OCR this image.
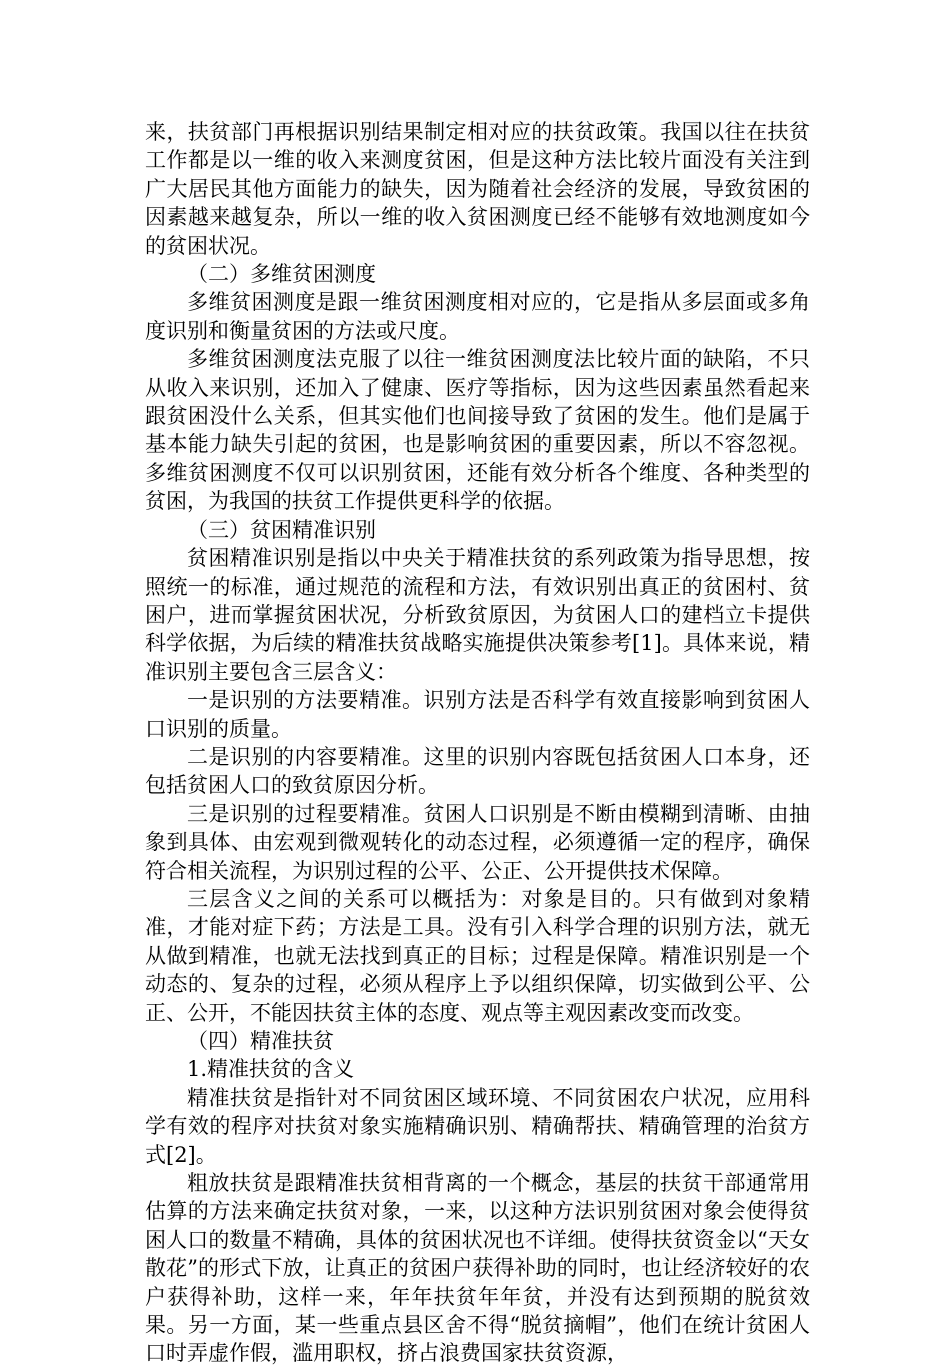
来，扶贫部门再根据识别结果制定相对应的扶贫政策。我国以往在扶贫工作都是以一维的收入来测度贫困，但是这种方法比较片面没有关注到广大居民其他方面能力的缺失，因为随着社会经济的发展，导致贫困的因素越来越复杂，所以一维的收入贫困测度已经不能够有效地测度如今的贫困状况。

（二）多维贫困测度

多维贫困测度是跟一维贫困测度相对应的，它是指从多层面或多角度识别和衡量贫困的方法或尺度。

多维贫困测度法克服了以往一维贫困测度法比较片面的缺陷，不只从收入来识别，还加入了健康、医疗等指标，因为这些因素虽然看起来跟贫困没什么关系，但其实他们也间接导致了贫困的发生。他们是属于基本能力缺失引起的贫困，也是影响贫困的重要因素，所以不容忽视。多维贫困测度不仅可以识别贫困，还能有效分析各个维度、各种类型的贫困，为我国的扶贫工作提供更科学的依据。

（三）贫困精准识别

贫困精准识别是指以中央关于精准扶贫的系列政策为指导思想，按照统一的标准，通过规范的流程和方法，有效识别出真正的贫困村、贫困户，进而掌握贫困状况，分析致贫原因，为贫困人口的建档立卡提供科学依据，为后续的精准扶贫战略实施提供决策参考[1]。具体来说，精准识别主要包含三层含义：

一是识别的方法要精准。识别方法是否科学有效直接影响到贫困人口识别的质量。

二是识别的内容要精准。这里的识别内容既包括贫困人口本身，还包括贫困人口的致贫原因分析。

三是识别的过程要精准。贫困人口识别是不断由模糊到清晰、由抽象到具体、由宏观到微观转化的动态过程，必须遵循一定的程序，确保符合相关流程，为识别过程的公平、公正、公开提供技术保障。

三层含义之间的关系可以概括为：对象是目的。只有做到对象精准，才能对症下药；方法是工具。没有引入科学合理的识别方法，就无从做到精准，也就无法找到真正的目标；过程是保障。精准识别是一个动态的、复杂的过程，必须从程序上予以组织保障，切实做到公平、公正、公开，不能因扶贫主体的态度、观点等主观因素改变而改变。

（四）精准扶贫

1.精准扶贫的含义

精准扶贫是指针对不同贫困区域环境、不同贫困农户状况，应用科学有效的程序对扶贫对象实施精确识别、精确帮扶、精确管理的治贫方式[2]。

粗放扶贫是跟精准扶贫相背离的一个概念，基层的扶贫干部通常用估算的方法来确定扶贫对象，一来，以这种方法识别贫困对象会使得贫困人口的数量不精确，具体的贫困状况也不详细。使得扶贫资金以“天女散花”的形式下放，让真正的贫困户获得补助的同时，也让经济较好的农户获得补助，这样一来，年年扶贫年年贫，并没有达到预期的脱贫效果。另一方面，某一些重点县区舍不得“脱贫摘帽”，他们在统计贫困人口时弄虚作假，滥用职权，挤占浪费国家扶贫资源，
